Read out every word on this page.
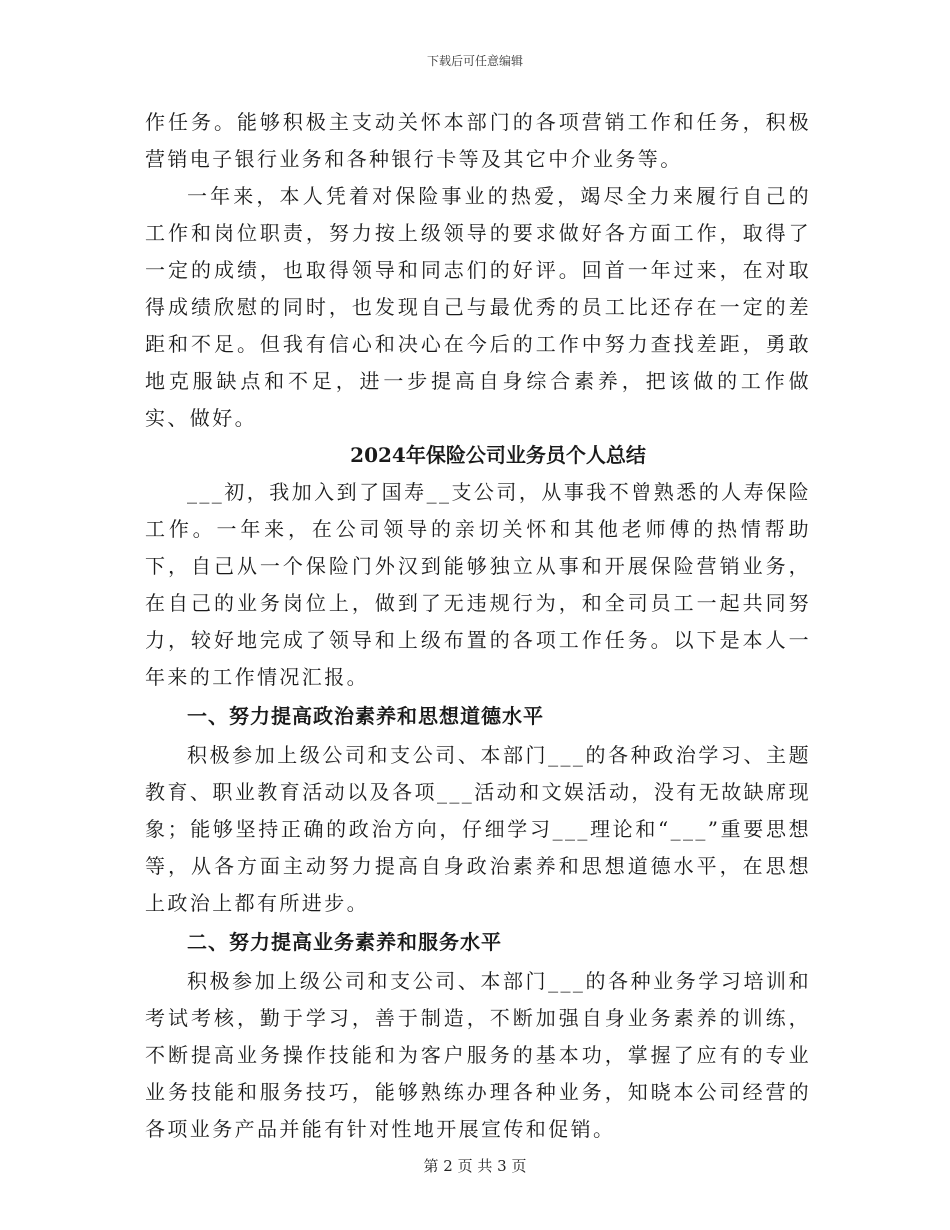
下载后可任意编辑

作任务。能够积极主支动关怀本部门的各项营销工作和任务，积极营销电子银行业务和各种银行卡等及其它中介业务等。

一年来，本人凭着对保险事业的热爱，竭尽全力来履行自己的工作和岗位职责，努力按上级领导的要求做好各方面工作，取得了一定的成绩，也取得领导和同志们的好评。回首一年过来，在对取得成绩欣慰的同时，也发现自己与最优秀的员工比还存在一定的差距和不足。但我有信心和决心在今后的工作中努力查找差距，勇敢地克服缺点和不足，进一步提高自身综合素养，把该做的工作做实、做好。

2024年保险公司业务员个人总结

___初，我加入到了国寿__支公司，从事我不曾熟悉的人寿保险工作。一年来，在公司领导的亲切关怀和其他老师傅的热情帮助下，自己从一个保险门外汉到能够独立从事和开展保险营销业务，在自己的业务岗位上，做到了无违规行为，和全司员工一起共同努力，较好地完成了领导和上级布置的各项工作任务。以下是本人一年来的工作情况汇报。

一、努力提高政治素养和思想道德水平

积极参加上级公司和支公司、本部门___的各种政治学习、主题教育、职业教育活动以及各项___活动和文娱活动，没有无故缺席现象；能够坚持正确的政治方向，仔细学习___理论和“___”重要思想等，从各方面主动努力提高自身政治素养和思想道德水平，在思想上政治上都有所进步。

二、努力提高业务素养和服务水平

积极参加上级公司和支公司、本部门___的各种业务学习培训和考试考核，勤于学习，善于制造，不断加强自身业务素养的训练，不断提高业务操作技能和为客户服务的基本功，掌握了应有的专业业务技能和服务技巧，能够熟练办理各种业务，知晓本公司经营的各项业务产品并能有针对性地开展宣传和促销。

第 2 页 共 3 页
